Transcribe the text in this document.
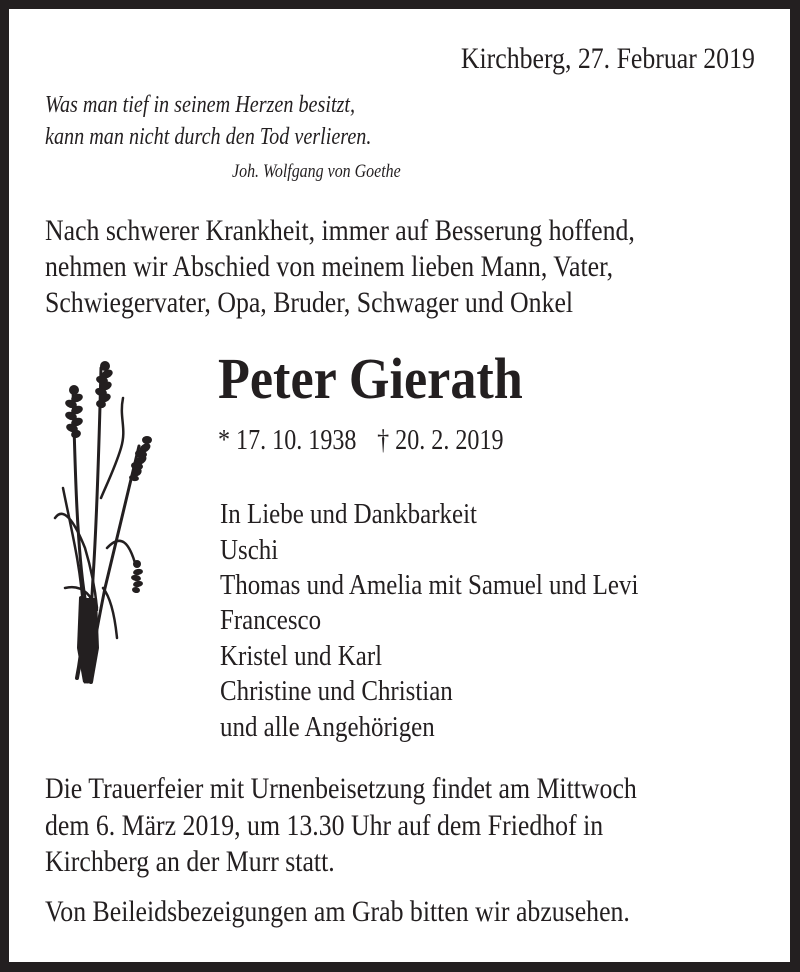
Kirchberg, 27. Februar 2019
Was man tief in seinem Herzen besitzt,
kann man nicht durch den Tod verlieren.
Joh. Wolfgang von Goethe
Nach schwerer Krankheit, immer auf Besserung hoffend,
nehmen wir Abschied von meinem lieben Mann, Vater,
Schwiegervater, Opa, Bruder, Schwager und Onkel
Peter Gierath
* 17. 10. 1938 † 20. 2. 2019
In Liebe und Dankbarkeit
Uschi
Thomas und Amelia mit Samuel und Levi
Francesco
Kristel und Karl
Christine und Christian
und alle Angehörigen
Die Trauerfeier mit Urnenbeisetzung findet am Mittwoch
dem 6. März 2019, um 13.30 Uhr auf dem Friedhof in
Kirchberg an der Murr statt.
Von Beileidsbezeigungen am Grab bitten wir abzusehen.
